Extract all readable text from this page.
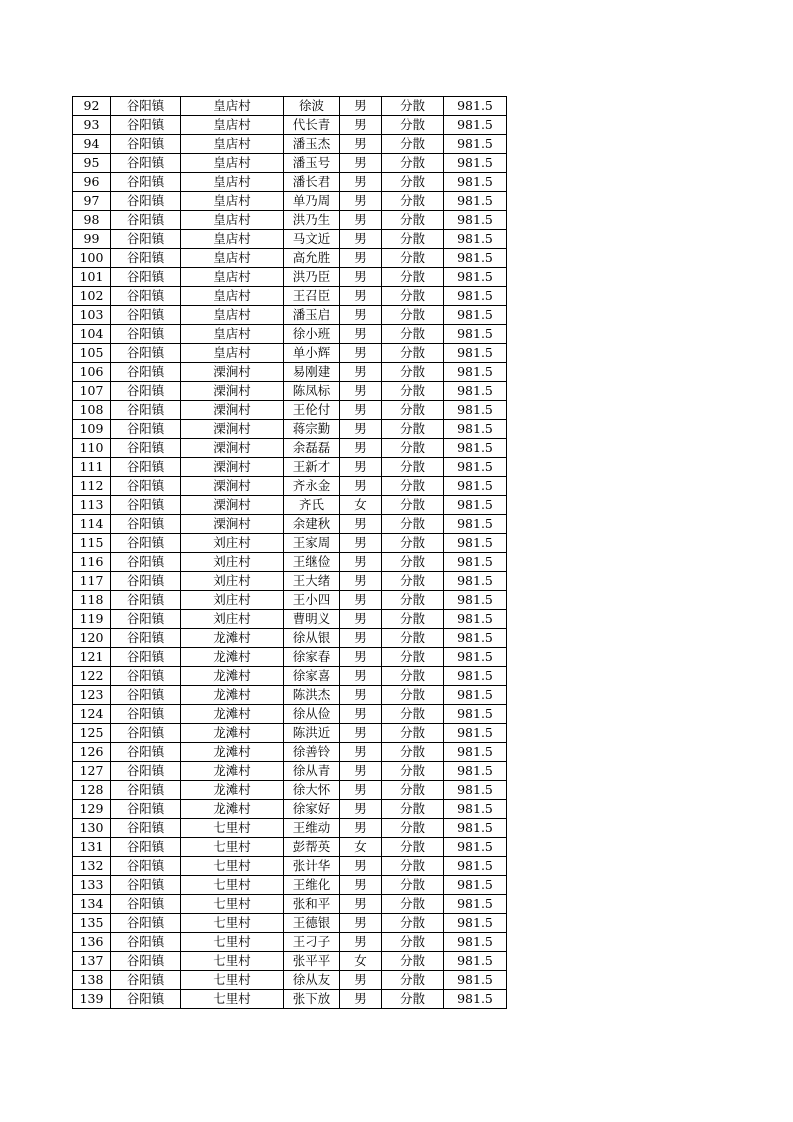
92	谷阳镇	皇店村	徐波	男	分散	981.5
93	谷阳镇	皇店村	代长青	男	分散	981.5
94	谷阳镇	皇店村	潘玉杰	男	分散	981.5
95	谷阳镇	皇店村	潘玉号	男	分散	981.5
96	谷阳镇	皇店村	潘长君	男	分散	981.5
97	谷阳镇	皇店村	单乃周	男	分散	981.5
98	谷阳镇	皇店村	洪乃生	男	分散	981.5
99	谷阳镇	皇店村	马文近	男	分散	981.5
100	谷阳镇	皇店村	高允胜	男	分散	981.5
101	谷阳镇	皇店村	洪乃臣	男	分散	981.5
102	谷阳镇	皇店村	王召臣	男	分散	981.5
103	谷阳镇	皇店村	潘玉启	男	分散	981.5
104	谷阳镇	皇店村	徐小班	男	分散	981.5
105	谷阳镇	皇店村	单小辉	男	分散	981.5
106	谷阳镇	溧涧村	易刚建	男	分散	981.5
107	谷阳镇	溧涧村	陈凤标	男	分散	981.5
108	谷阳镇	溧涧村	王伦付	男	分散	981.5
109	谷阳镇	溧涧村	蒋宗勤	男	分散	981.5
110	谷阳镇	溧涧村	余磊磊	男	分散	981.5
111	谷阳镇	溧涧村	王新才	男	分散	981.5
112	谷阳镇	溧涧村	齐永金	男	分散	981.5
113	谷阳镇	溧涧村	齐氏	女	分散	981.5
114	谷阳镇	溧涧村	余建秋	男	分散	981.5
115	谷阳镇	刘庄村	王家周	男	分散	981.5
116	谷阳镇	刘庄村	王继俭	男	分散	981.5
117	谷阳镇	刘庄村	王大绪	男	分散	981.5
118	谷阳镇	刘庄村	王小四	男	分散	981.5
119	谷阳镇	刘庄村	曹明义	男	分散	981.5
120	谷阳镇	龙滩村	徐从银	男	分散	981.5
121	谷阳镇	龙滩村	徐家春	男	分散	981.5
122	谷阳镇	龙滩村	徐家喜	男	分散	981.5
123	谷阳镇	龙滩村	陈洪杰	男	分散	981.5
124	谷阳镇	龙滩村	徐从俭	男	分散	981.5
125	谷阳镇	龙滩村	陈洪近	男	分散	981.5
126	谷阳镇	龙滩村	徐善铃	男	分散	981.5
127	谷阳镇	龙滩村	徐从青	男	分散	981.5
128	谷阳镇	龙滩村	徐大怀	男	分散	981.5
129	谷阳镇	龙滩村	徐家好	男	分散	981.5
130	谷阳镇	七里村	王维动	男	分散	981.5
131	谷阳镇	七里村	彭帮英	女	分散	981.5
132	谷阳镇	七里村	张计华	男	分散	981.5
133	谷阳镇	七里村	王维化	男	分散	981.5
134	谷阳镇	七里村	张和平	男	分散	981.5
135	谷阳镇	七里村	王德银	男	分散	981.5
136	谷阳镇	七里村	王刁子	男	分散	981.5
137	谷阳镇	七里村	张平平	女	分散	981.5
138	谷阳镇	七里村	徐从友	男	分散	981.5
139	谷阳镇	七里村	张下放	男	分散	981.5
